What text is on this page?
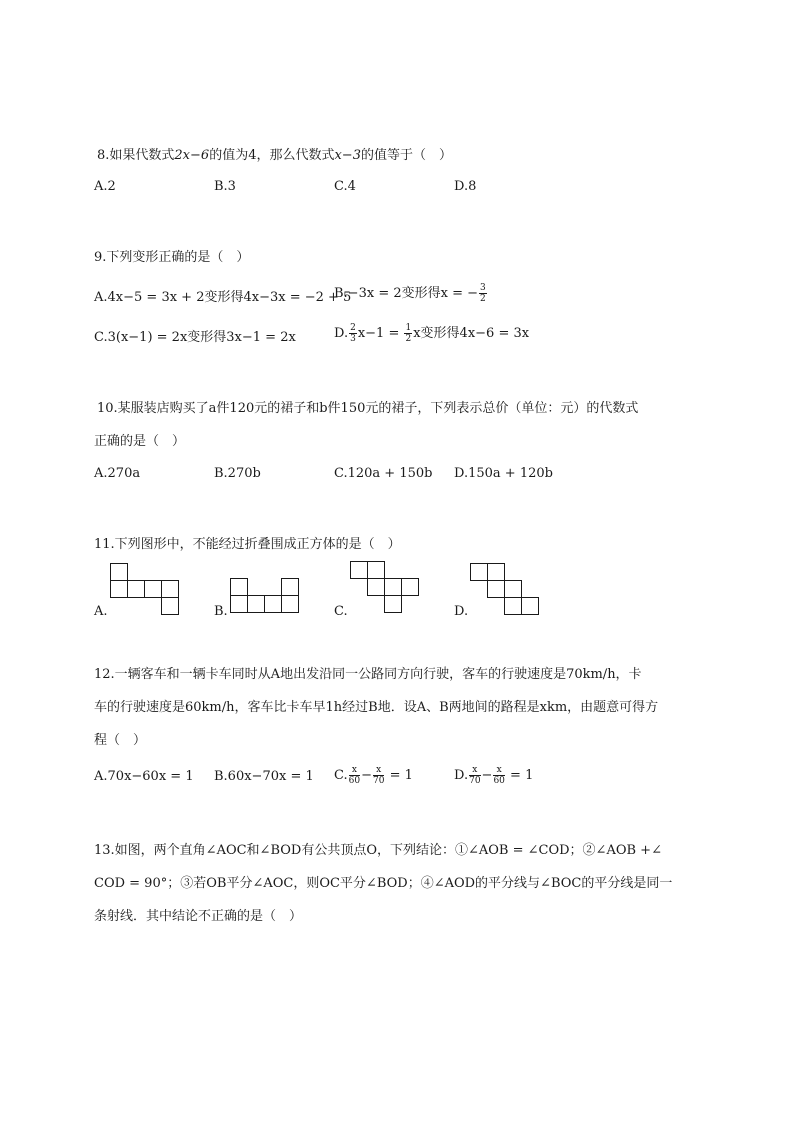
8.如果代数式2x−6的值为4，那么代数式x−3的值等于（　）
A.2	B.3	C.4	D.8
9.下列变形正确的是（　）
A.4x−5 = 3x + 2变形得4x−3x = −2 + 5
B.−3x = 2变形得x = − $\frac{3}{2}$
C.3(x−1) = 2x变形得3x−1 = 2x	D. $\frac{2}{3} x-1 = \frac{1}{2}$ x变形得4x−6 = 3x
10.某服装店购买了a件120元的裙子和b件150元的裙子，下列表示总价（单位：元）的代数式
正确的是（　）
A.270a	B.270b	C.120a + 150b D.150a + 120b
11.下列图形中，不能经过折叠围成正方体的是（　）
A.	B.	C.	D.
12.一辆客车和一辆卡车同时从A地出发沿同一公路同方向行驶，客车的行驶速度是70km/h，卡
车的行驶速度是60km/h，客车比卡车早1h经过B地．设A、B两地间的路程是xkm，由题意可得方
程（　）
A.70x−60x = 1 B.60x−70x = 1 C. $\frac{x}{60} - \frac{x}{70} = 1$	D. $\frac{x}{70} - \frac{x}{60} = 1$
13.如图，两个直角∠AOC和∠BOD有公共顶点O，下列结论：①∠AOB = ∠COD；②∠AOB +∠
COD = 90°；③若OB平分∠AOC，则OC平分∠BOD；④∠AOD的平分线与∠BOC的平分线是同一
条射线．其中结论不正确的是（　）
